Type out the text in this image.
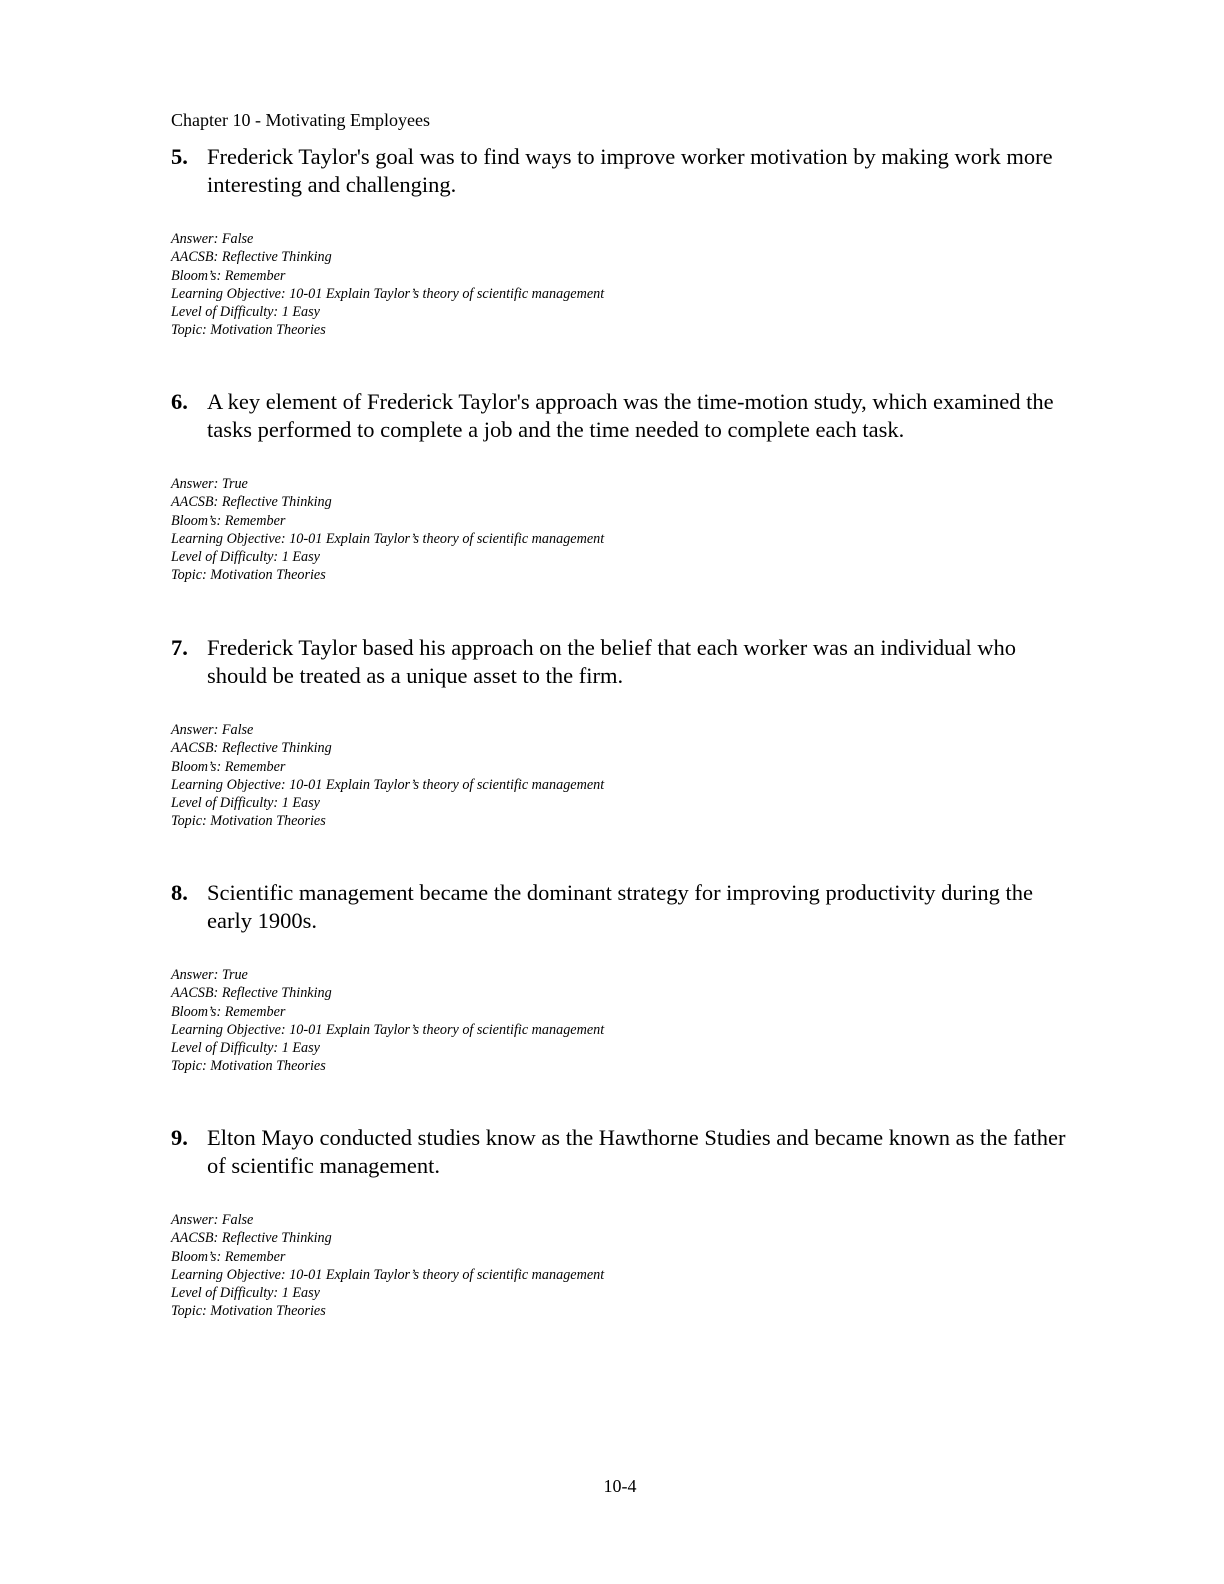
Chapter 10 - Motivating Employees
5. Frederick Taylor's goal was to find ways to improve worker motivation by making work more interesting and challenging.
Answer: False
AACSB: Reflective Thinking
Bloom’s: Remember
Learning Objective: 10-01 Explain Taylor’s theory of scientific management
Level of Difficulty: 1 Easy
Topic: Motivation Theories
6. A key element of Frederick Taylor's approach was the time-motion study, which examined the tasks performed to complete a job and the time needed to complete each task.
Answer: True
AACSB: Reflective Thinking
Bloom’s: Remember
Learning Objective: 10-01 Explain Taylor’s theory of scientific management
Level of Difficulty: 1 Easy
Topic: Motivation Theories
7. Frederick Taylor based his approach on the belief that each worker was an individual who should be treated as a unique asset to the firm.
Answer: False
AACSB: Reflective Thinking
Bloom’s: Remember
Learning Objective: 10-01 Explain Taylor’s theory of scientific management
Level of Difficulty: 1 Easy
Topic: Motivation Theories
8. Scientific management became the dominant strategy for improving productivity during the early 1900s.
Answer: True
AACSB: Reflective Thinking
Bloom’s: Remember
Learning Objective: 10-01 Explain Taylor’s theory of scientific management
Level of Difficulty: 1 Easy
Topic: Motivation Theories
9. Elton Mayo conducted studies know as the Hawthorne Studies and became known as the father of scientific management.
Answer: False
AACSB: Reflective Thinking
Bloom’s: Remember
Learning Objective: 10-01 Explain Taylor’s theory of scientific management
Level of Difficulty: 1 Easy
Topic: Motivation Theories
10-4
